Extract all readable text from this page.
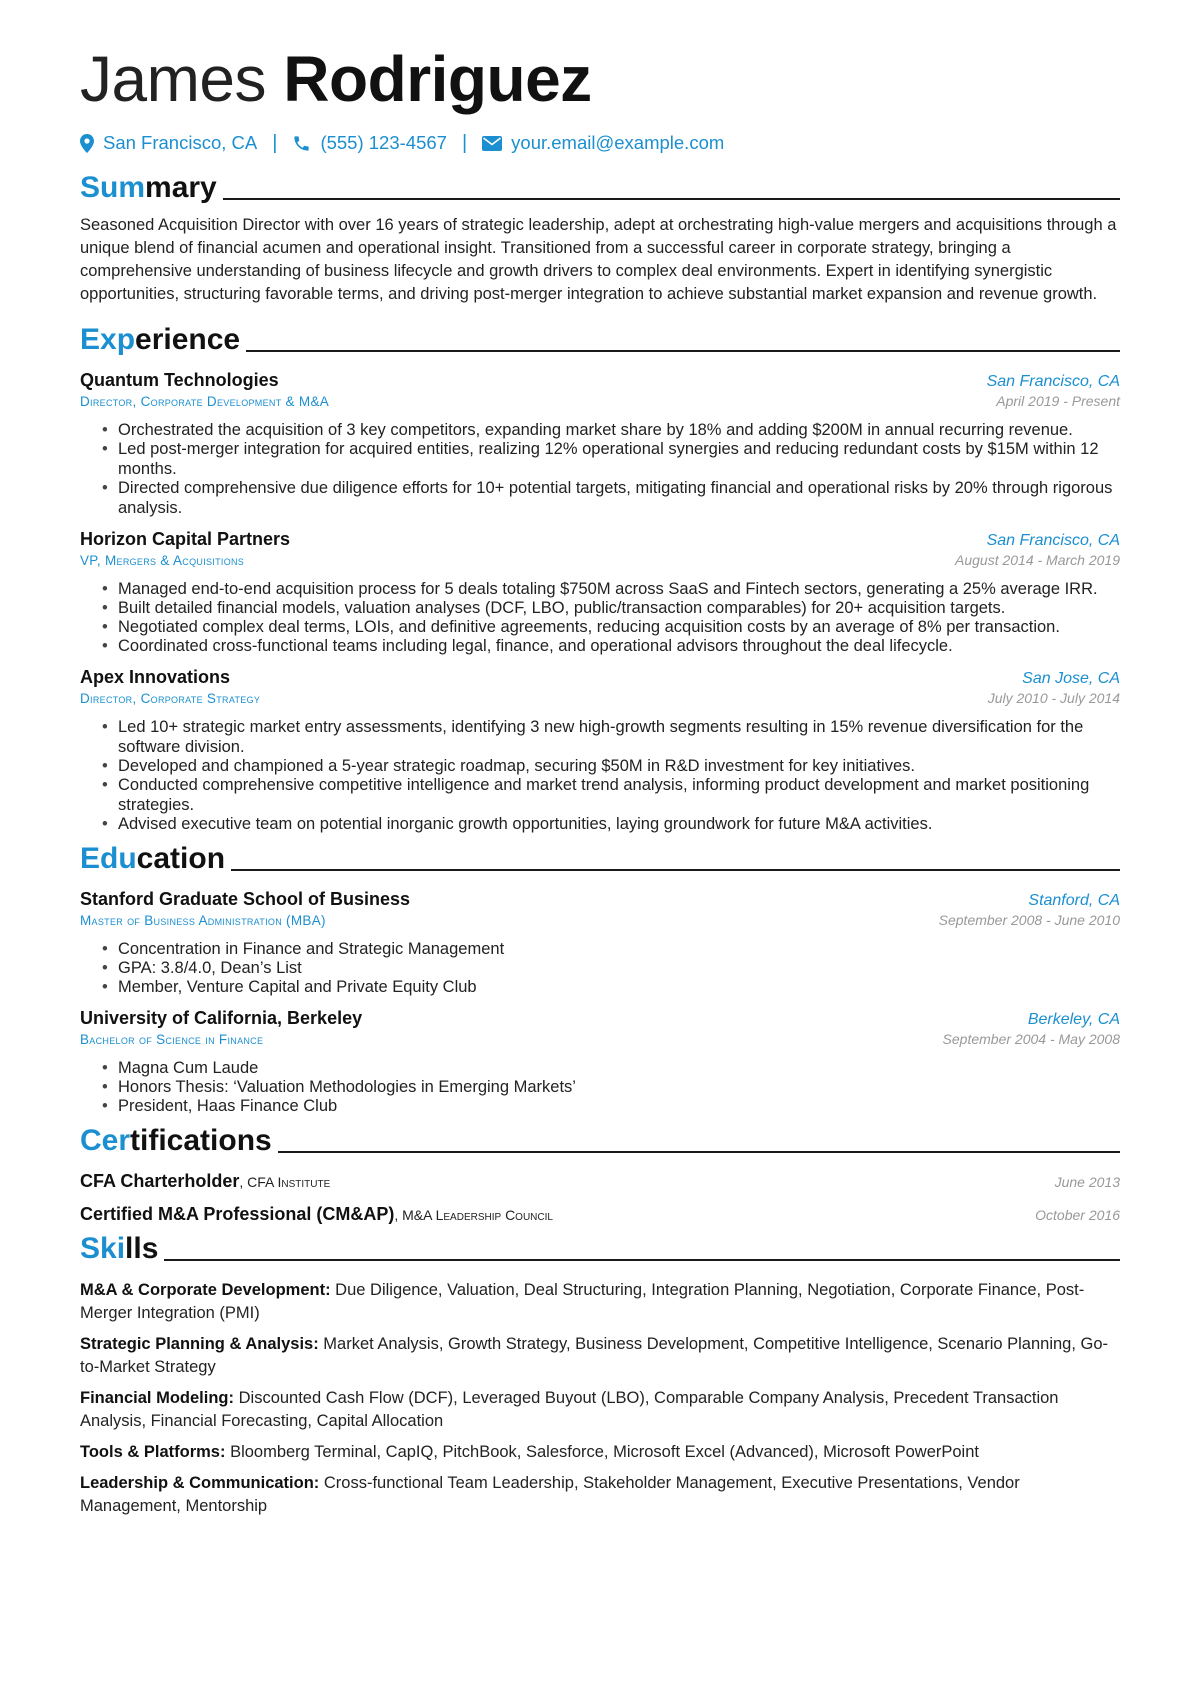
James Rodriguez
San Francisco, CA | (555) 123-4567 | your.email@example.com
Summary
Seasoned Acquisition Director with over 16 years of strategic leadership, adept at orchestrating high-value mergers and acquisitions through a unique blend of financial acumen and operational insight. Transitioned from a successful career in corporate strategy, bringing a comprehensive understanding of business lifecycle and growth drivers to complex deal environments. Expert in identifying synergistic opportunities, structuring favorable terms, and driving post-merger integration to achieve substantial market expansion and revenue growth.
Experience
Quantum Technologies	San Francisco, CA
Director, Corporate Development & M&A	April 2019 - Present
• Orchestrated the acquisition of 3 key competitors, expanding market share by 18% and adding $200M in annual recurring revenue.
• Led post-merger integration for acquired entities, realizing 12% operational synergies and reducing redundant costs by $15M within 12 months.
• Directed comprehensive due diligence efforts for 10+ potential targets, mitigating financial and operational risks by 20% through rigorous analysis.
Horizon Capital Partners	San Francisco, CA
VP, Mergers & Acquisitions	August 2014 - March 2019
• Managed end-to-end acquisition process for 5 deals totaling $750M across SaaS and Fintech sectors, generating a 25% average IRR.
• Built detailed financial models, valuation analyses (DCF, LBO, public/transaction comparables) for 20+ acquisition targets.
• Negotiated complex deal terms, LOIs, and definitive agreements, reducing acquisition costs by an average of 8% per transaction.
• Coordinated cross-functional teams including legal, finance, and operational advisors throughout the deal lifecycle.
Apex Innovations	San Jose, CA
Director, Corporate Strategy	July 2010 - July 2014
• Led 10+ strategic market entry assessments, identifying 3 new high-growth segments resulting in 15% revenue diversification for the software division.
• Developed and championed a 5-year strategic roadmap, securing $50M in R&D investment for key initiatives.
• Conducted comprehensive competitive intelligence and market trend analysis, informing product development and market positioning strategies.
• Advised executive team on potential inorganic growth opportunities, laying groundwork for future M&A activities.
Education
Stanford Graduate School of Business	Stanford, CA
Master of Business Administration (MBA)	September 2008 - June 2010
• Concentration in Finance and Strategic Management
• GPA: 3.8/4.0, Dean’s List
• Member, Venture Capital and Private Equity Club
University of California, Berkeley	Berkeley, CA
Bachelor of Science in Finance	September 2004 - May 2008
• Magna Cum Laude
• Honors Thesis: ‘Valuation Methodologies in Emerging Markets’
• President, Haas Finance Club
Certifications
CFA Charterholder, CFA Institute	June 2013
Certified M&A Professional (CM&AP), M&A Leadership Council	October 2016
Skills
M&A & Corporate Development: Due Diligence, Valuation, Deal Structuring, Integration Planning, Negotiation, Corporate Finance, Post-Merger Integration (PMI)
Strategic Planning & Analysis: Market Analysis, Growth Strategy, Business Development, Competitive Intelligence, Scenario Planning, Go-to-Market Strategy
Financial Modeling: Discounted Cash Flow (DCF), Leveraged Buyout (LBO), Comparable Company Analysis, Precedent Transaction Analysis, Financial Forecasting, Capital Allocation
Tools & Platforms: Bloomberg Terminal, CapIQ, PitchBook, Salesforce, Microsoft Excel (Advanced), Microsoft PowerPoint
Leadership & Communication: Cross-functional Team Leadership, Stakeholder Management, Executive Presentations, Vendor Management, Mentorship
